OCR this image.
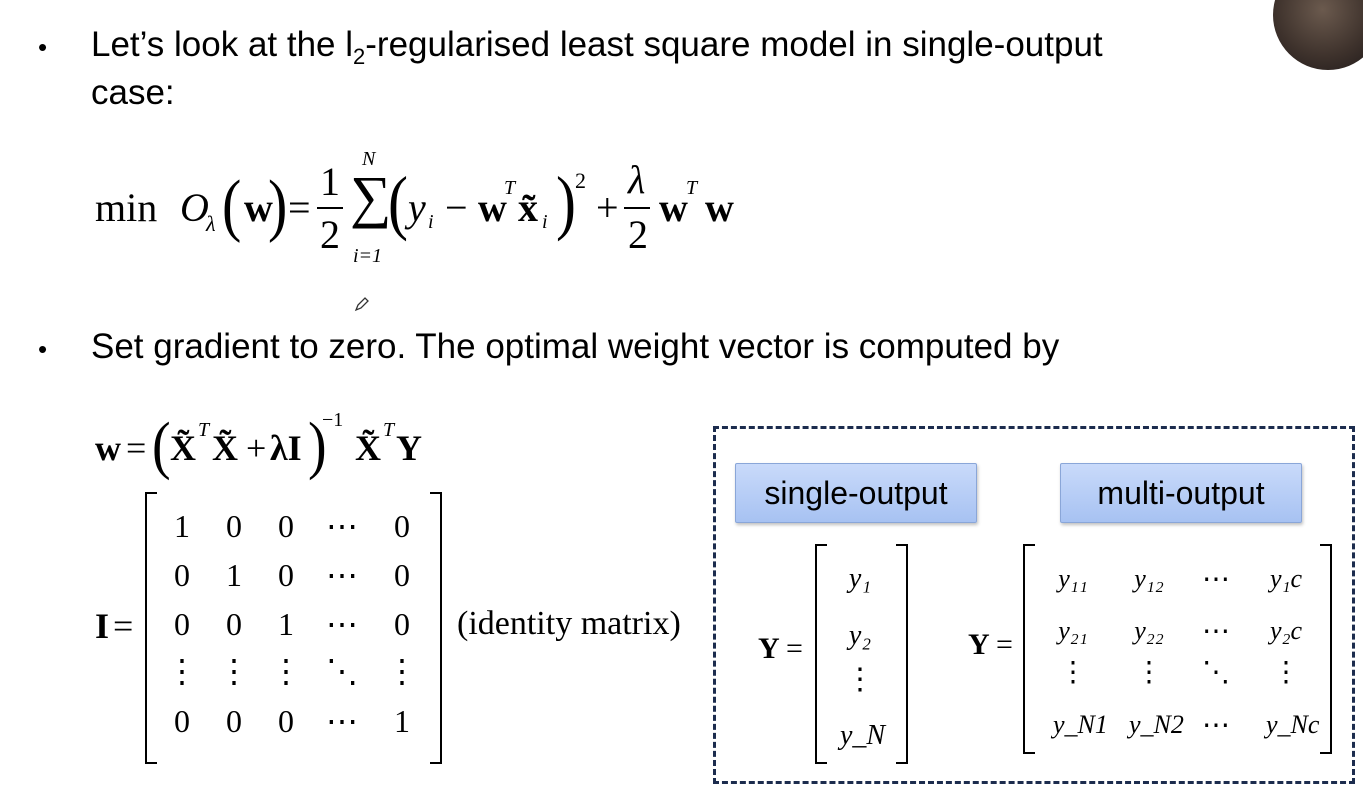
• Let’s look at the $l_2$-regularised least square model in single-output
case:
min O
λ ( w
) =
1
2
N
∑
i=1
( y i − w
T x̃ i ) 2
+
λ
2
w
T w
• Set gradient to zero. The optimal weight vector is computed by
w = ( X̃ T X̃ + λI )
−1
X̃ T Y
I =
1	0	0	⋯	0
0	1	0	⋯	0
0	0	1	⋯	0
⋮ ⋮ ⋮ ⋱ ⋮
0	0	0	⋯	1
(identity matrix)
single-output	multi-output
Y =
y₁
y₂
⋮
y_N
Y =
y₁₁ y₁₂ ⋯ y₁c
y₂₁ y₂₂ ⋯ y₂c
⋮ ⋮ ⋱ ⋮
y_N1 y_N2 ⋯ y_Nc
